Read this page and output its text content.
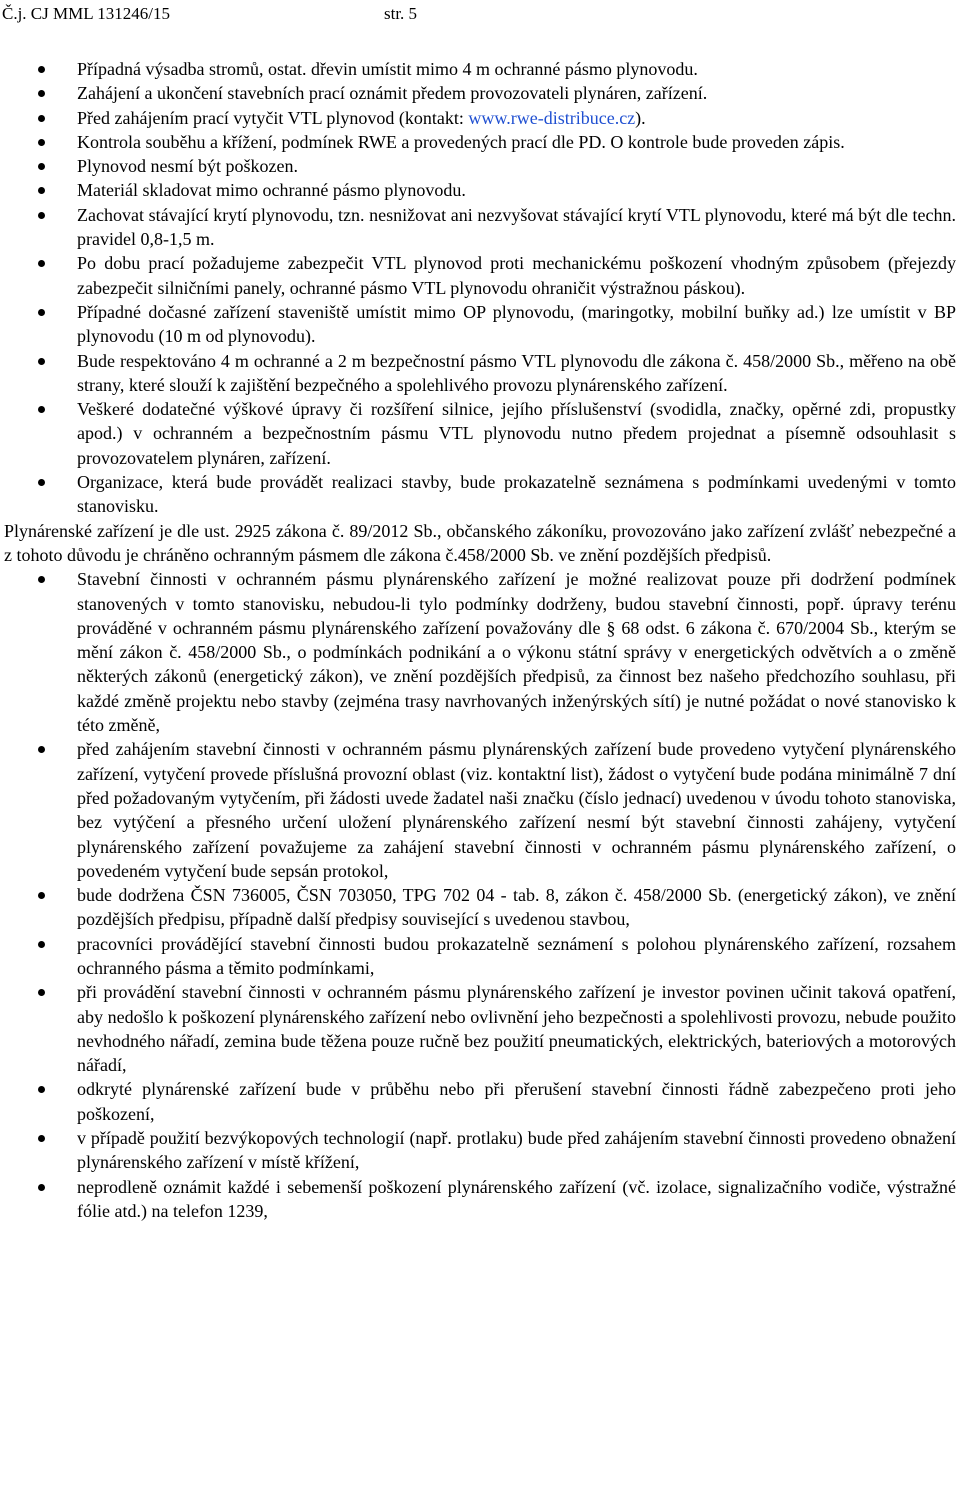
Č.j. CJ MML 131246/15	str. 5
Případná výsadba stromů, ostat. dřevin umístit mimo 4 m ochranné pásmo plynovodu.
Zahájení a ukončení stavebních prací oznámit předem provozovateli plynáren, zařízení.
Před zahájením prací vytyčit VTL plynovod (kontakt: www.rwe-distribuce.cz).
Kontrola souběhu a křížení, podmínek RWE a provedených prací dle PD. O kontrole bude proveden zápis.
Plynovod nesmí být poškozen.
Materiál skladovat mimo ochranné pásmo plynovodu.
Zachovat stávající krytí plynovodu, tzn. nesnižovat ani nezvyšovat stávající krytí VTL plynovodu, které má být dle techn. pravidel 0,8-1,5 m.
Po dobu prací požadujeme zabezpečit VTL plynovod proti mechanickému poškození vhodným způsobem (přejezdy zabezpečit silničními panely, ochranné pásmo VTL plynovodu ohraničit výstražnou páskou).
Případné dočasné zařízení staveniště umístit mimo OP plynovodu, (maringotky, mobilní buňky ad.) lze umístit v BP plynovodu (10 m od plynovodu).
Bude respektováno 4 m ochranné a 2 m bezpečnostní pásmo VTL plynovodu dle zákona č. 458/2000 Sb., měřeno na obě strany, které slouží k zajištění bezpečného a spolehlivého provozu plynárenského zařízení.
Veškeré dodatečné výškové úpravy či rozšíření silnice, jejího příslušenství (svodidla, značky, opěrné zdi, propustky apod.) v ochranném a bezpečnostním pásmu VTL plynovodu nutno předem projednat a písemně odsouhlasit s provozovatelem plynáren, zařízení.
Organizace, která bude provádět realizaci stavby, bude prokazatelně seznámena s podmínkami uvedenými v tomto stanovisku.

Plynárenské zařízení je dle ust. 2925 zákona č. 89/2012 Sb., občanského zákoníku, provozováno jako zařízení zvlášť nebezpečné a z tohoto důvodu je chráněno ochranným pásmem dle zákona č.458/2000 Sb. ve znění pozdějších předpisů.

Stavební činnosti v ochranném pásmu plynárenského zařízení je možné realizovat pouze při dodržení podmínek stanovených v tomto stanovisku, nebudou-li tylo podmínky dodrženy, budou stavební činnosti, popř. úpravy terénu prováděné v ochranném pásmu plynárenského zařízení považovány dle § 68 odst. 6 zákona č. 670/2004 Sb., kterým se mění zákon č. 458/2000 Sb., o podmínkách podnikání a o výkonu státní správy v energetických odvětvích a o změně některých zákonů (energetický zákon), ve znění pozdějších předpisů, za činnost bez našeho předchozího souhlasu, při každé změně projektu nebo stavby (zejména trasy navrhovaných inženýrských sítí) je nutné požádat o nové stanovisko k této změně,
před zahájením stavební činnosti v ochranném pásmu plynárenských zařízení bude provedeno vytyčení plynárenského zařízení, vytyčení provede příslušná provozní oblast (viz. kontaktní list), žádost o vytyčení bude podána minimálně 7 dní před požadovaným vytyčením, při žádosti uvede žadatel naši značku (číslo jednací) uvedenou v úvodu tohoto stanoviska, bez vytýčení a přesného určení uložení plynárenského zařízení nesmí být stavební činnosti zahájeny, vytyčení plynárenského zařízení považujeme za zahájení stavební činnosti v ochranném pásmu plynárenského zařízení, o povedeném vytyčení bude sepsán protokol,
bude dodržena ČSN 736005, ČSN 703050, TPG 702 04 - tab. 8, zákon č. 458/2000 Sb. (energetický zákon), ve znění pozdějších předpisu, případně další předpisy související s uvedenou stavbou,
pracovníci provádějící stavební činnosti budou prokazatelně seznámení s polohou plynárenského zařízení, rozsahem ochranného pásma a těmito podmínkami,
při provádění stavební činnosti v ochranném pásmu plynárenského zařízení je investor povinen učinit taková opatření, aby nedošlo k poškození plynárenského zařízení nebo ovlivnění jeho bezpečnosti a spolehlivosti provozu, nebude použito nevhodného nářadí, zemina bude těžena pouze ručně bez použití pneumatických, elektrických, bateriových a motorových nářadí,
odkryté plynárenské zařízení bude v průběhu nebo při přerušení stavební činnosti řádně zabezpečeno proti jeho poškození,
v případě použití bezvýkopových technologií (např. protlaku) bude před zahájením stavební činnosti provedeno obnažení plynárenského zařízení v místě křížení,
neprodleně oznámit každé i sebemenší poškození plynárenského zařízení (vč. izolace, signalizačního vodiče, výstražné fólie atd.) na telefon 1239,
